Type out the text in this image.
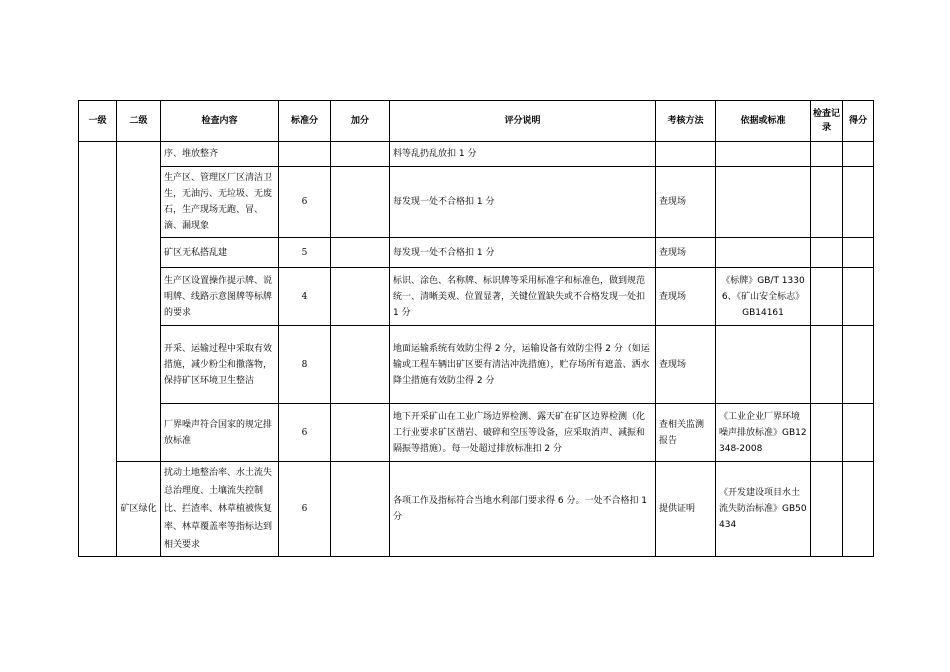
一级	二级	检查内容	标准分	加分	评分说明	考核方法	依据或标准	检查记录	得分
		序、堆放整齐			料等乱扔乱放扣 1 分				
		生产区、管理区厂区清洁卫生，无油污、无垃圾、无废石，生产现场无跑、冒、滴、漏现象	6		每发现一处不合格扣 1 分	查现场			
		矿区无私搭乱建	5		每发现一处不合格扣 1 分	查现场			
		生产区设置操作提示牌、说明牌、线路示意图牌等标牌的要求	4		标识、涂色、名称牌、标识牌等采用标准字和标准色，做到规范统一、清晰美观、位置显著，关键位置缺失或不合格发现一处扣 1 分	查现场	《标牌》GB/T 13306、《矿山安全标志》GB14161		
		开采、运输过程中采取有效措施，减少粉尘和撒落物，保持矿区环境卫生整洁	8		地面运输系统有效防尘得 2 分，运输设备有效防尘得 2 分（如运输或工程车辆出矿区要有清洁冲洗措施），贮存场所有遮盖、洒水降尘措施有效防尘得 2 分	查现场			
		厂界噪声符合国家的规定排放标准	6		地下开采矿山在工业广场边界检测、露天矿在矿区边界检测（化工行业要求矿区凿岩、破碎和空压等设备，应采取消声、减振和隔振等措施）。每一处超过排放标准扣 2 分	查相关监测报告	《工业企业厂界环境噪声排放标准》GB12348-2008		
	矿区绿化	扰动土地整治率、水土流失总治理度、土壤流失控制比、拦渣率、林草植被恢复率、林草覆盖率等指标达到相关要求	6		各项工作及指标符合当地水利部门要求得 6 分。一处不合格扣 1 分	提供证明	《开发建设项目水土流失防治标准》GB50434		
